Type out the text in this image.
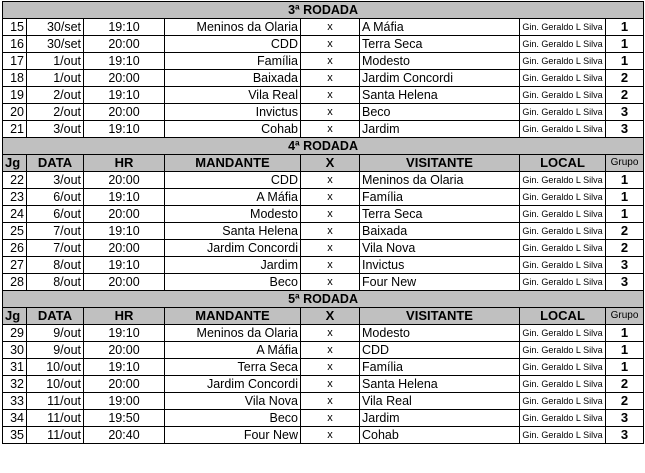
3ª RODADA							
15	30/set	19:10	Meninos da Olaria	x	A Máfia	Gin. Geraldo L Silva	1
16	30/set	20:00	CDD	x	Terra Seca	Gin. Geraldo L Silva	1
17	1/out	19:10	Família	x	Modesto	Gin. Geraldo L Silva	1
18	1/out	20:00	Baixada	x	Jardim Concordi	Gin. Geraldo L Silva	2
19	2/out	19:10	Vila Real	x	Santa Helena	Gin. Geraldo L Silva	2
20	2/out	20:00	Invictus	x	Beco	Gin. Geraldo L Silva	3
21	3/out	19:10	Cohab	x	Jardim	Gin. Geraldo L Silva	3
4ª RODADA							
Jg	DATA	HR	MANDANTE	X	VISITANTE	LOCAL	Grupo
22	3/out	20:00	CDD	x	Meninos da Olaria	Gin. Geraldo L Silva	1
23	6/out	19:10	A Máfia	x	Família	Gin. Geraldo L Silva	1
24	6/out	20:00	Modesto	x	Terra Seca	Gin. Geraldo L Silva	1
25	7/out	19:10	Santa Helena	x	Baixada	Gin. Geraldo L Silva	2
26	7/out	20:00	Jardim Concordi	x	Vila Nova	Gin. Geraldo L Silva	2
27	8/out	19:10	Jardim	x	Invictus	Gin. Geraldo L Silva	3
28	8/out	20:00	Beco	x	Four New	Gin. Geraldo L Silva	3
5ª RODADA							
Jg	DATA	HR	MANDANTE	X	VISITANTE	LOCAL	Grupo
29	9/out	19:10	Meninos da Olaria	x	Modesto	Gin. Geraldo L Silva	1
30	9/out	20:00	A Máfia	x	CDD	Gin. Geraldo L Silva	1
31	10/out	19:10	Terra Seca	x	Família	Gin. Geraldo L Silva	1
32	10/out	20:00	Jardim Concordi	x	Santa Helena	Gin. Geraldo L Silva	2
33	11/out	19:00	Vila Nova	x	Vila Real	Gin. Geraldo L Silva	2
34	11/out	19:50	Beco	x	Jardim	Gin. Geraldo L Silva	3
35	11/out	20:40	Four New	x	Cohab	Gin. Geraldo L Silva	3
